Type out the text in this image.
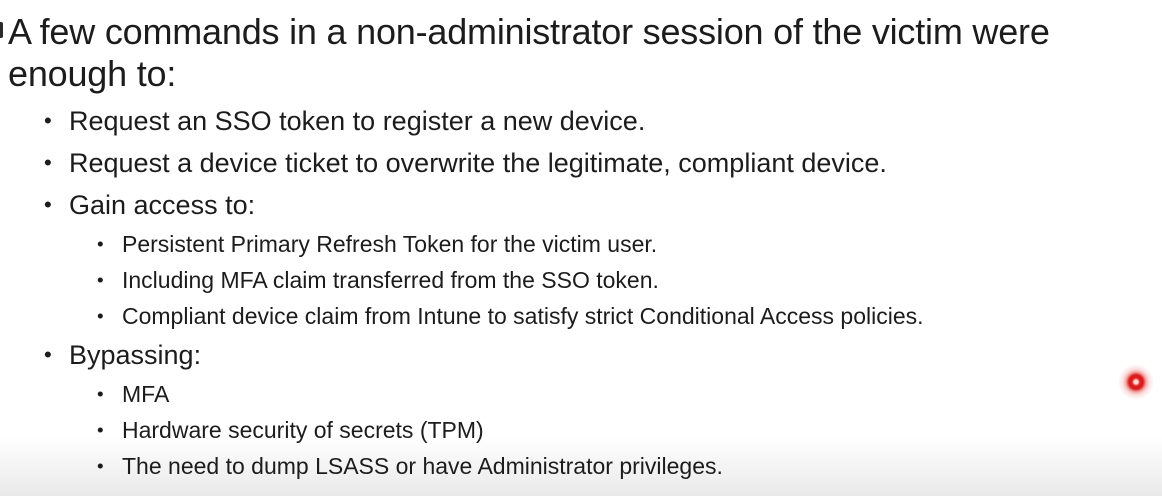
A few commands in a non-administrator session of the victim were enough to:
• Request an SSO token to register a new device.
• Request a device ticket to overwrite the legitimate, compliant device.
• Gain access to:
• Persistent Primary Refresh Token for the victim user.
• Including MFA claim transferred from the SSO token.
• Compliant device claim from Intune to satisfy strict Conditional Access policies.
• Bypassing:
• MFA
• Hardware security of secrets (TPM)
• The need to dump LSASS or have Administrator privileges.
